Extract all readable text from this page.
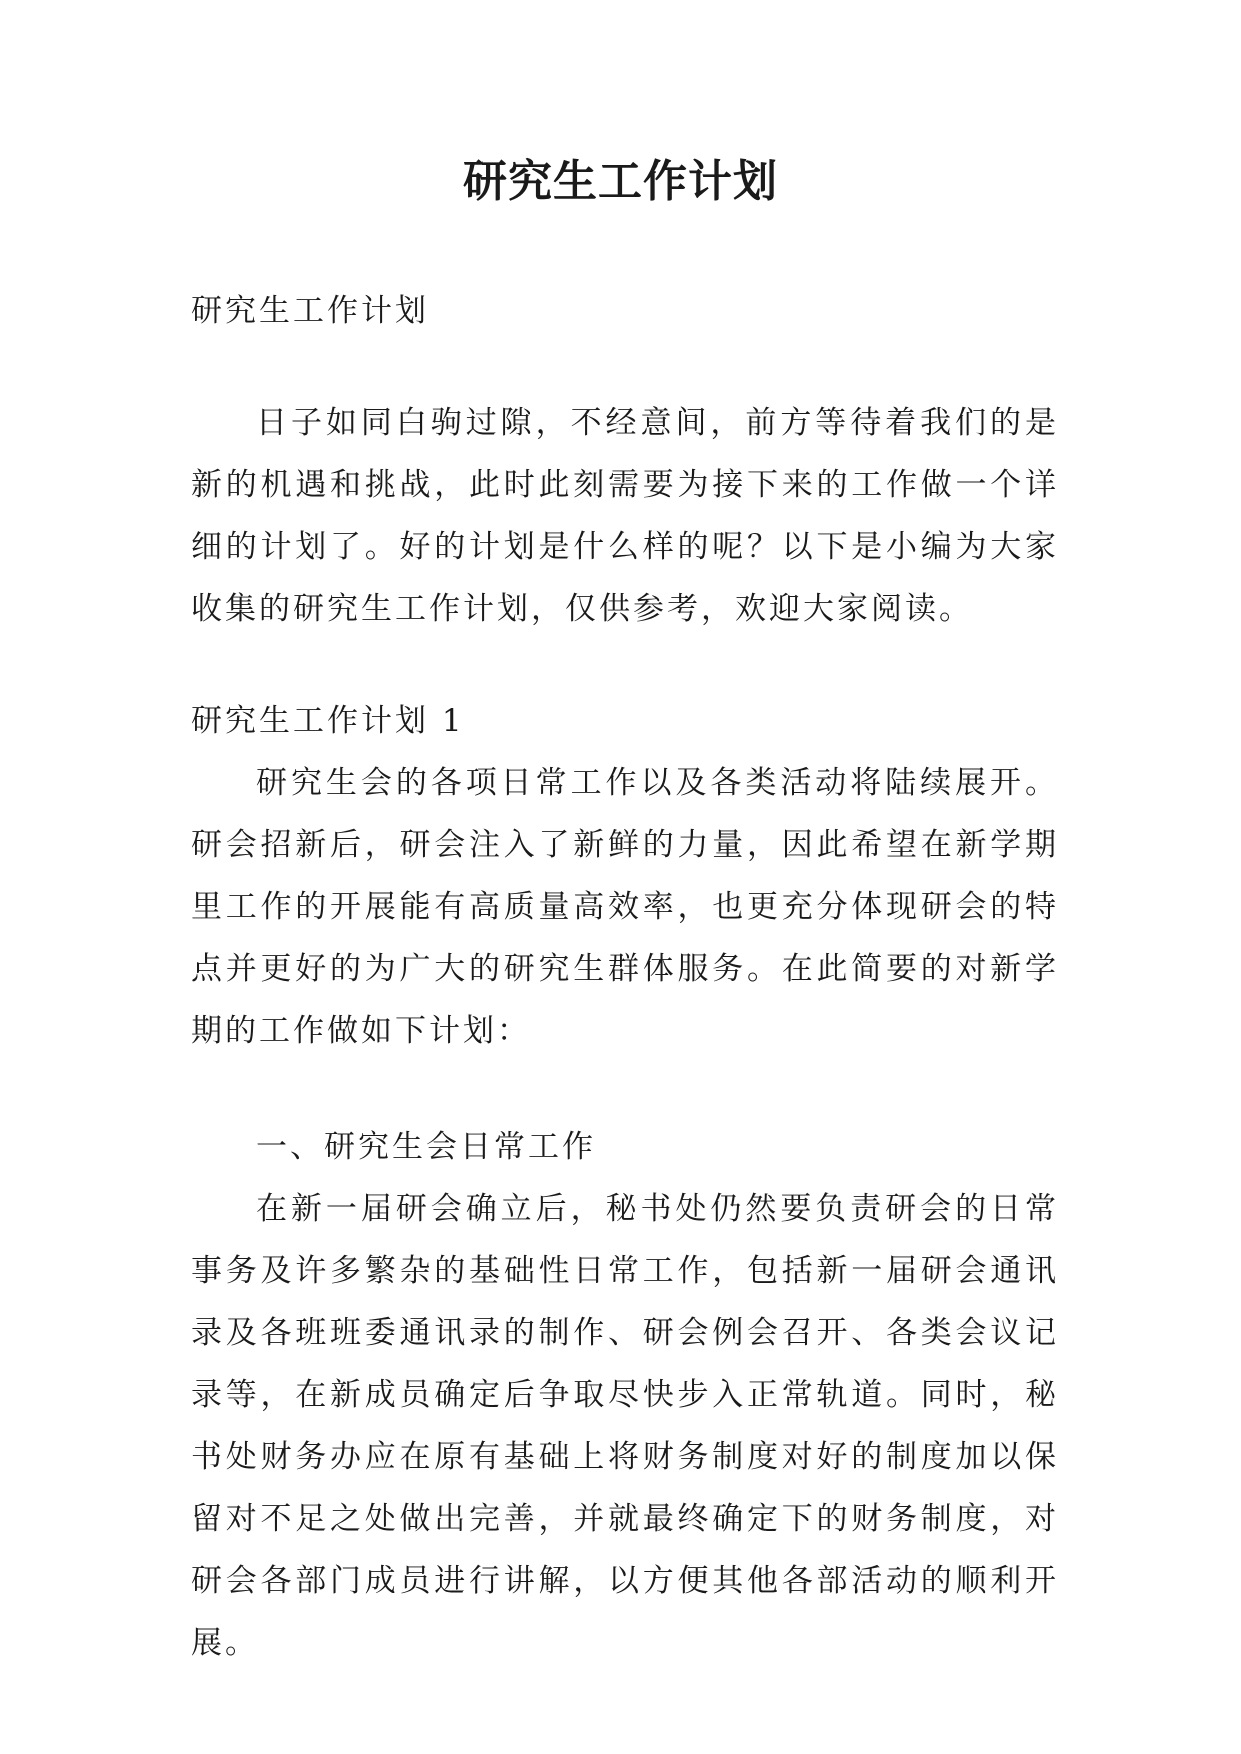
研究生工作计划

研究生工作计划

日子如同白驹过隙，不经意间，前方等待着我们的是新的机遇和挑战，此时此刻需要为接下来的工作做一个详细的计划了。好的计划是什么样的呢？以下是小编为大家收集的研究生工作计划，仅供参考，欢迎大家阅读。

研究生工作计划 1

研究生会的各项日常工作以及各类活动将陆续展开。研会招新后，研会注入了新鲜的力量，因此希望在新学期里工作的开展能有高质量高效率，也更充分体现研会的特点并更好的为广大的研究生群体服务。在此简要的对新学期的工作做如下计划：

一、研究生会日常工作

在新一届研会确立后，秘书处仍然要负责研会的日常事务及许多繁杂的基础性日常工作，包括新一届研会通讯录及各班班委通讯录的制作、研会例会召开、各类会议记录等，在新成员确定后争取尽快步入正常轨道。同时，秘书处财务办应在原有基础上将财务制度对好的制度加以保留对不足之处做出完善，并就最终确定下的财务制度，对研会各部门成员进行讲解，以方便其他各部活动的顺利开展。
